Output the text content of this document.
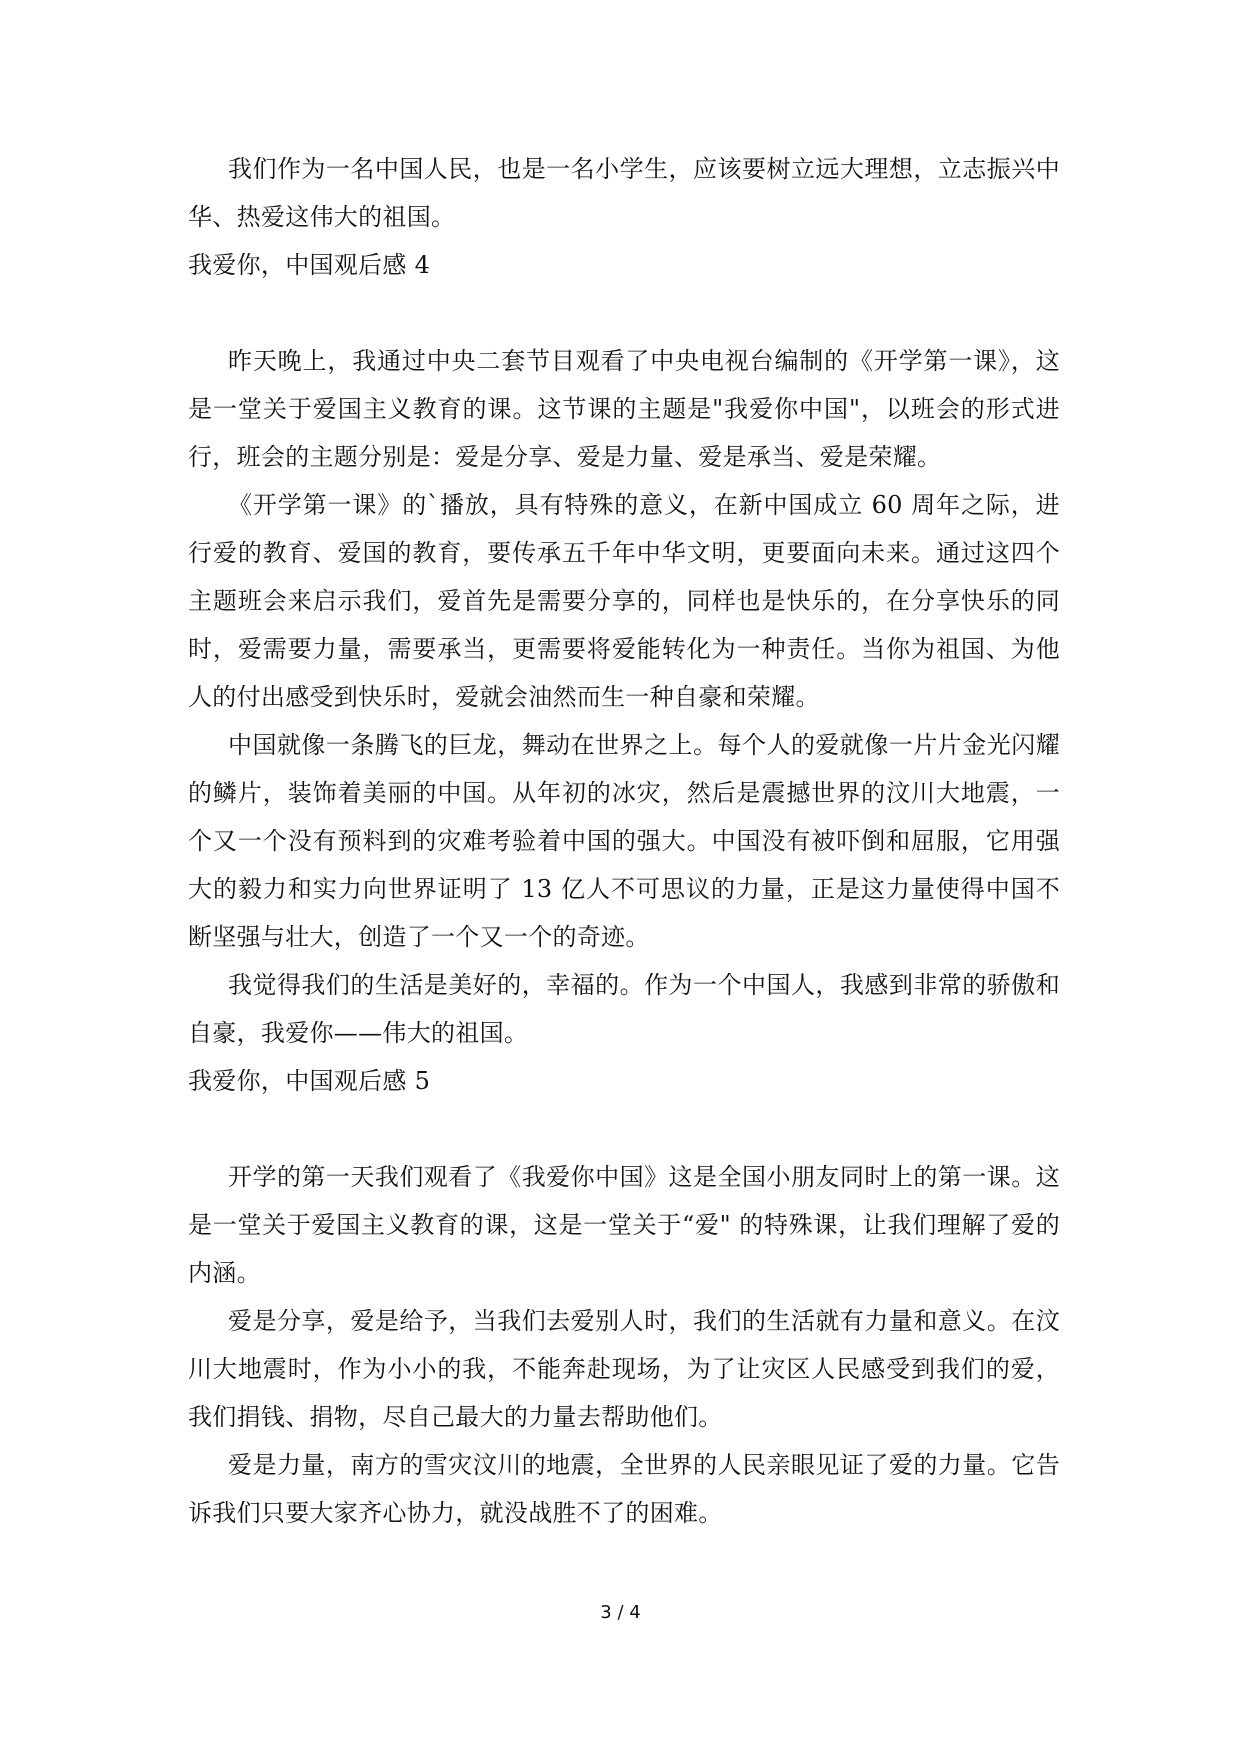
我们作为一名中国人民，也是一名小学生，应该要树立远大理想，立志振兴中华、热爱这伟大的祖国。

我爱你，中国观后感 4

昨天晚上，我通过中央二套节目观看了中央电视台编制的《开学第一课》，这是一堂关于爱国主义教育的课。这节课的主题是"我爱你中国"，以班会的形式进行，班会的主题分别是：爱是分享、爱是力量、爱是承当、爱是荣耀。

《开学第一课》的`播放，具有特殊的意义，在新中国成立 60 周年之际，进行爱的教育、爱国的教育，要传承五千年中华文明，更要面向未来。通过这四个主题班会来启示我们，爱首先是需要分享的，同样也是快乐的，在分享快乐的同时，爱需要力量，需要承当，更需要将爱能转化为一种责任。当你为祖国、为他人的付出感受到快乐时，爱就会油然而生一种自豪和荣耀。

中国就像一条腾飞的巨龙，舞动在世界之上。每个人的爱就像一片片金光闪耀的鳞片，装饰着美丽的中国。从年初的冰灾，然后是震撼世界的汶川大地震，一个又一个没有预料到的灾难考验着中国的强大。中国没有被吓倒和屈服，它用强大的毅力和实力向世界证明了 13 亿人不可思议的力量，正是这力量使得中国不断坚强与壮大，创造了一个又一个的奇迹。

我觉得我们的生活是美好的，幸福的。作为一个中国人，我感到非常的骄傲和自豪，我爱你——伟大的祖国。

我爱你，中国观后感 5

开学的第一天我们观看了《我爱你中国》这是全国小朋友同时上的第一课。这是一堂关于爱国主义教育的课，这是一堂关于“爱" 的特殊课，让我们理解了爱的内涵。

爱是分享，爱是给予，当我们去爱别人时，我们的生活就有力量和意义。在汶川大地震时，作为小小的我，不能奔赴现场，为了让灾区人民感受到我们的爱，我们捐钱、捐物，尽自己最大的力量去帮助他们。

爱是力量，南方的雪灾汶川的地震，全世界的人民亲眼见证了爱的力量。它告诉我们只要大家齐心协力，就没战胜不了的困难。

3 / 4
